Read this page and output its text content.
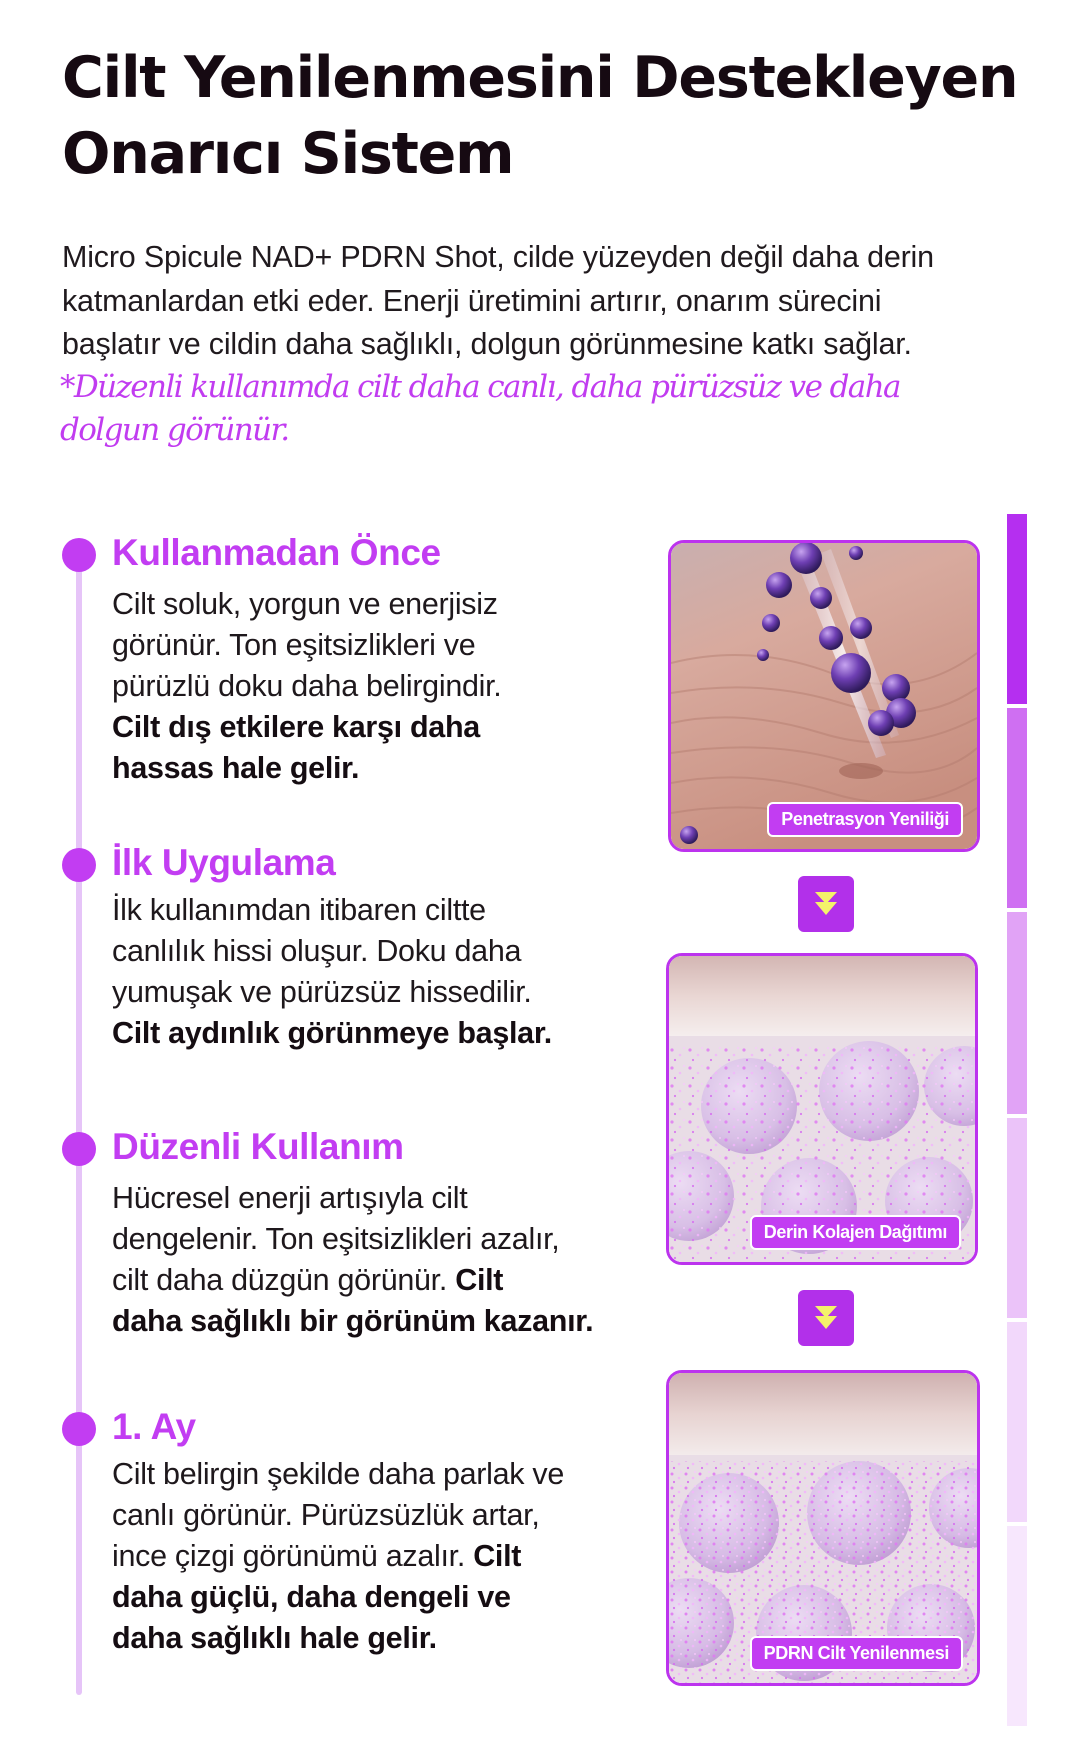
Cilt Yenilenmesini Destekleyen
Onarıcı Sistem

Micro Spicule NAD+ PDRN Shot, cilde yüzeyden değil daha derin

katmanlardan etki eder. Enerji üretimini artırır, onarım sürecini

başlatır ve cildin daha sağlıklı, dolgun görünmesine katkı sağlar.

*Düzenli kullanımda cilt daha canlı, daha pürüzsüz ve daha
dolgun görünür.
Kullanmadan Önce
Cilt soluk, yorgun ve enerjisiz
görünür. Ton eşitsizlikleri ve
pürüzlü doku daha belirgindir.
Cilt dış etkilere karşı daha
hassas hale gelir.
İlk Uygulama
İlk kullanımdan itibaren ciltte
canlılık hissi oluşur. Doku daha
yumuşak ve pürüzsüz hissedilir.
Cilt aydınlık görünmeye başlar.
Düzenli Kullanım
Hücresel enerji artışıyla cilt
dengelenir. Ton eşitsizlikleri azalır,
cilt daha düzgün görünür. Cilt
daha sağlıklı bir görünüm kazanır.
1. Ay
Cilt belirgin şekilde daha parlak ve
canlı görünür. Pürüzsüzlük artar,
ince çizgi görünümü azalır. Cilt
daha güçlü, daha dengeli ve
daha sağlıklı hale gelir.
Penetrasyon Yeniliği
Derin Kolajen Dağıtımı
PDRN Cilt Yenilenmesi
